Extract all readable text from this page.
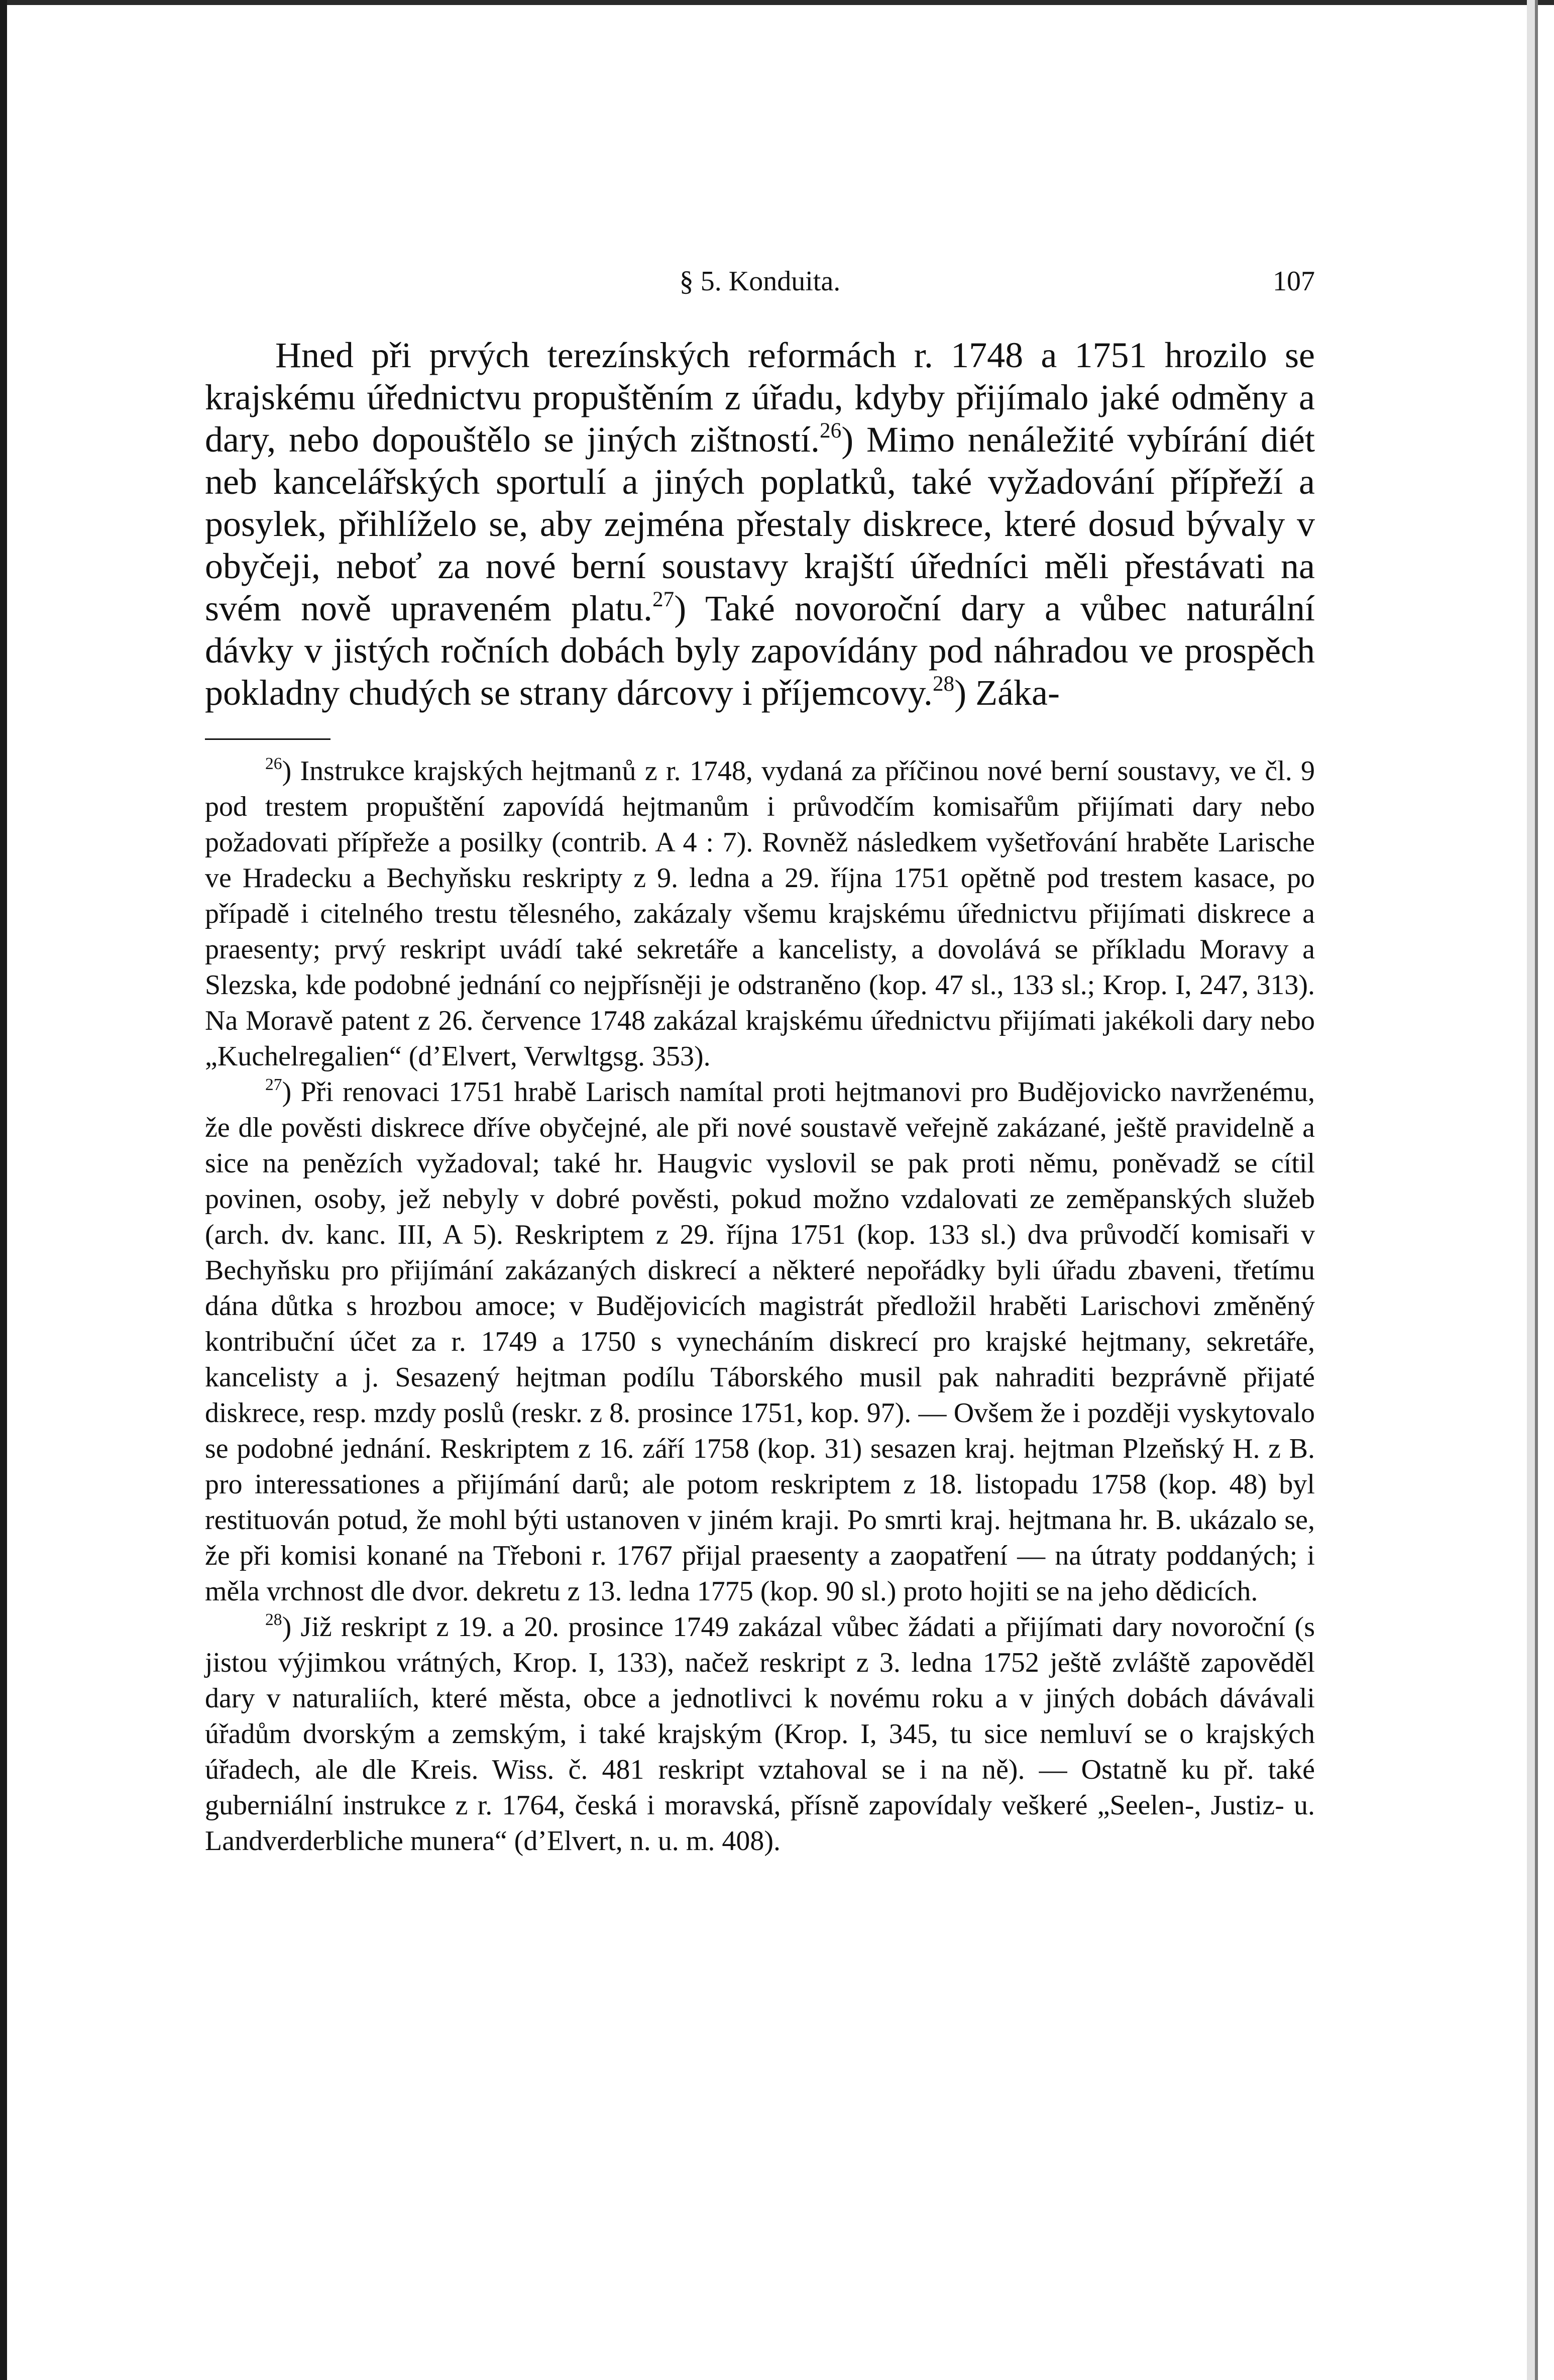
§ 5. Konduita.	107

Hned při prvých terezínských reformách r. 1748 a 1751 hrozilo se krajskému úřednictvu propuštěním z úřadu, kdyby přijímalo jaké odměny a dary, nebo dopouštělo se jiných zištností.$^{26}$) Mimo nenáležité vybírání diét neb kancelářských sportulí a jiných poplatků, také vyžadování přípřeží a posylek, přihlíželo se, aby zejména přestaly diskrece, které dosud bývaly v obyčeji, neboť za nové berní soustavy krajští úředníci měli přestávati na svém nově upraveném platu.$^{27}$) Také novoroční dary a vůbec naturální dávky v jistých ročních dobách byly zapovídány pod náhradou ve prospěch pokladny chudých se strany dárcovy i příjemcovy.$^{28}$) Záka-

$^{26}$) Instrukce krajských hejtmanů z r. 1748, vydaná za příčinou nové berní soustavy, ve čl. 9 pod trestem propuštění zapovídá hejtmanům i průvodčím komisařům přijímati dary nebo požadovati přípřeže a posilky (contrib. A 4 : 7). Rovněž následkem vyšetřování hraběte Larische ve Hradecku a Bechyňsku reskripty z 9. ledna a 29. října 1751 opětně pod trestem kasace, po případě i citelného trestu tělesného, zakázaly všemu krajskému úřednictvu přijímati diskrece a praesenty; prvý reskript uvádí také sekretáře a kancelisty, a dovolává se příkladu Moravy a Slezska, kde podobné jednání co nejpřísněji je odstraněno (kop. 47 sl., 133 sl.; Krop. I, 247, 313). Na Moravě patent z 26. července 1748 zakázal krajskému úřednictvu přijímati jakékoli dary nebo „Kuchelregalien“ (d’Elvert, Verwltgsg. 353).

$^{27}$) Při renovaci 1751 hrabě Larisch namítal proti hejtmanovi pro Budějovicko navrženému, že dle pověsti diskrece dříve obyčejné, ale při nové soustavě veřejně zakázané, ještě pravidelně a sice na penězích vyžadoval; také hr. Haugvic vyslovil se pak proti němu, poněvadž se cítil povinen, osoby, jež nebyly v dobré pověsti, pokud možno vzdalovati ze zeměpanských služeb (arch. dv. kanc. III, A 5). Reskriptem z 29. října 1751 (kop. 133 sl.) dva průvodčí komisaři v Bechyňsku pro přijímání zakázaných diskrecí a některé nepořádky byli úřadu zbaveni, třetímu dána důtka s hrozbou amoce; v Budějovicích magistrát předložil hraběti Larischovi změněný kontribuční účet za r. 1749 a 1750 s vynecháním diskrecí pro krajské hejtmany, sekretáře, kancelisty a j. Sesazený hejtman podílu Táborského musil pak nahraditi bezprávně přijaté diskrece, resp. mzdy poslů (reskr. z 8. prosince 1751, kop. 97). — Ovšem že i později vyskytovalo se podobné jednání. Reskriptem z 16. září 1758 (kop. 31) sesazen kraj. hejtman Plzeňský H. z B. pro interessationes a přijímání darů; ale potom reskriptem z 18. listopadu 1758 (kop. 48) byl restituován potud, že mohl býti ustanoven v jiném kraji. Po smrti kraj. hejtmana hr. B. ukázalo se, že při komisi konané na Třeboni r. 1767 přijal praesenty a zaopatření — na útraty poddaných; i měla vrchnost dle dvor. dekretu z 13. ledna 1775 (kop. 90 sl.) proto hojiti se na jeho dědicích.

$^{28}$) Již reskript z 19. a 20. prosince 1749 zakázal vůbec žádati a přijímati dary novoroční (s jistou výjimkou vrátných, Krop. I, 133), načež reskript z 3. ledna 1752 ještě zvláště zapověděl dary v naturaliích, které města, obce a jednotlivci k novému roku a v jiných dobách dávávali úřadům dvorským a zemským, i také krajským (Krop. I, 345, tu sice nemluví se o krajských úřadech, ale dle Kreis. Wiss. č. 481 reskript vztahoval se i na ně). — Ostatně ku př. také guberniální instrukce z r. 1764, česká i moravská, přísně zapovídaly veškeré „Seelen-, Justiz- u. Landverderbliche munera“ (d’Elvert, n. u. m. 408).
